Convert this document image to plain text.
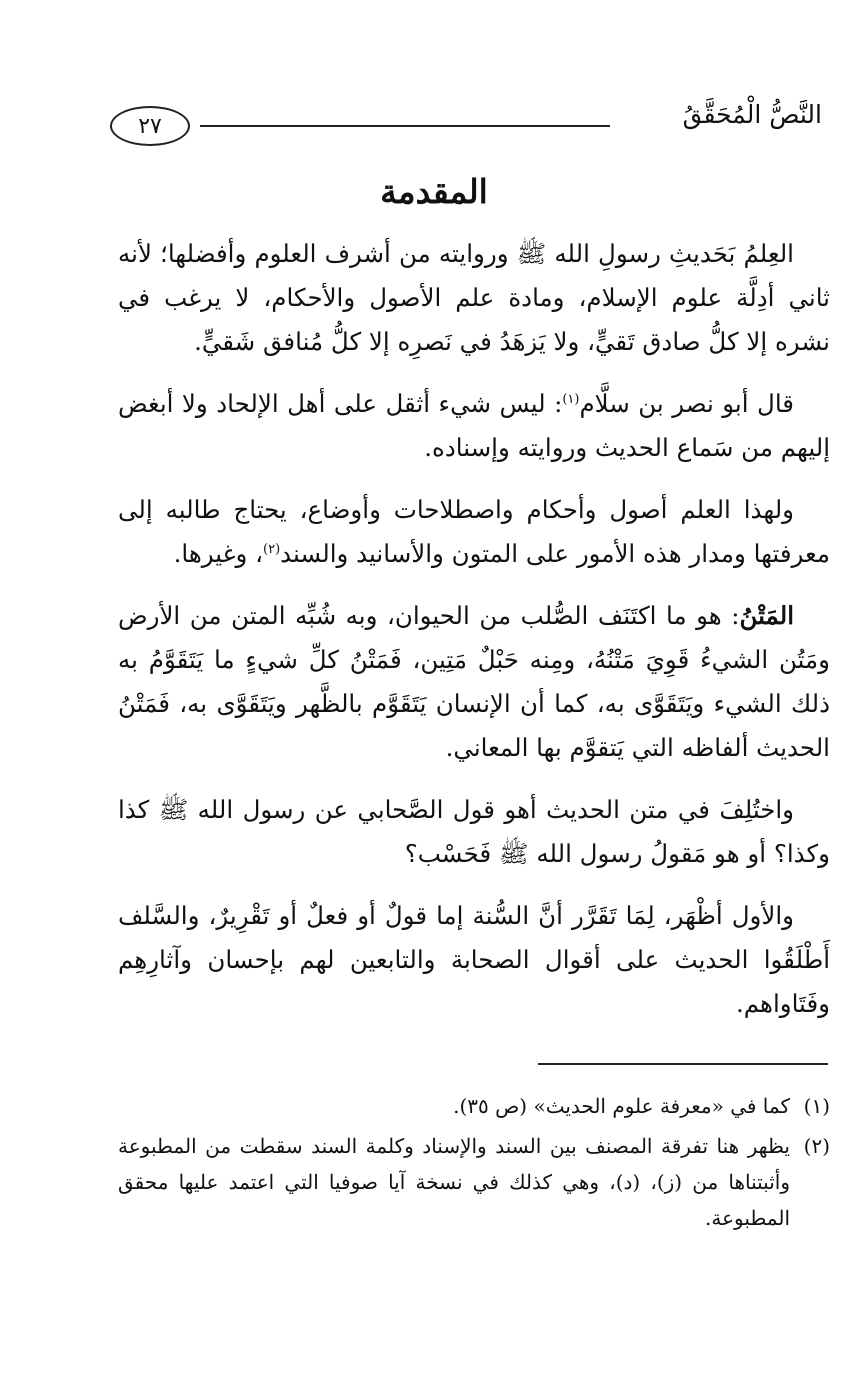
النَّصُّ الْمُحَقَّقُ
٢٧
المقدمة

العِلمُ بَحَديثِ رسولِ الله ﷺ وروايته من أشرف العلوم وأفضلها؛ لأنه ثاني أدِلَّة علوم الإسلام، ومادة علم الأصول والأحكام، لا يرغب في نشره إلا كلُّ صادق تَقيٍّ، ولا يَزهَدُ في نَصرِه إلا كلُّ مُنافق شَقيٍّ.

قال أبو نصر بن سلَّام$^{(١)}$: ليس شيء أثقل على أهل الإلحاد ولا أبغض إليهم من سَماع الحديث وروايته وإسناده.

ولهذا العلم أصول وأحكام واصطلاحات وأوضاع، يحتاج طالبه إلى معرفتها ومدار هذه الأمور على المتون والأسانيد والسند$^{(٢)}$، وغيرها.

المَتْنُ: هو ما اكتَنَف الصُّلب من الحيوان، وبه شُبِّه المتن من الأرض ومَتُن الشيءُ قَوِيَ مَتْنُهُ، ومِنه حَبْلٌ مَتِين، فَمَتْنُ كلِّ شيءٍ ما يَتَقَوَّمُ به ذلك الشيء ويَتَقَوَّى به، كما أن الإنسان يَتَقَوَّم بالظَّهر ويَتَقَوَّى به، فَمَتْنُ الحديث ألفاظه التي يَتقوَّم بها المعاني.

واختُلِفَ في متن الحديث أهو قول الصَّحابي عن رسول الله ﷺ كذا وكذا؟ أو هو مَقولُ رسول الله ﷺ فَحَسْب؟

والأول أظْهَر، لِمَا تَقَرَّر أنَّ السُّنة إما قولٌ أو فعلٌ أو تَقْرِيرٌ، والسَّلف أَطْلَقُوا الحديث على أقوال الصحابة والتابعين لهم بإحسان وآثارِهِم وفَتَاواهم.

(١)
كما في «معرفة علوم الحديث» (ص ٣٥).
(٢)
يظهر هنا تفرقة المصنف بين السند والإسناد وكلمة السند سقطت من المطبوعة وأثبتناها من (ز)، (د)، وهي كذلك في نسخة آيا صوفيا التي اعتمد عليها محقق المطبوعة.
